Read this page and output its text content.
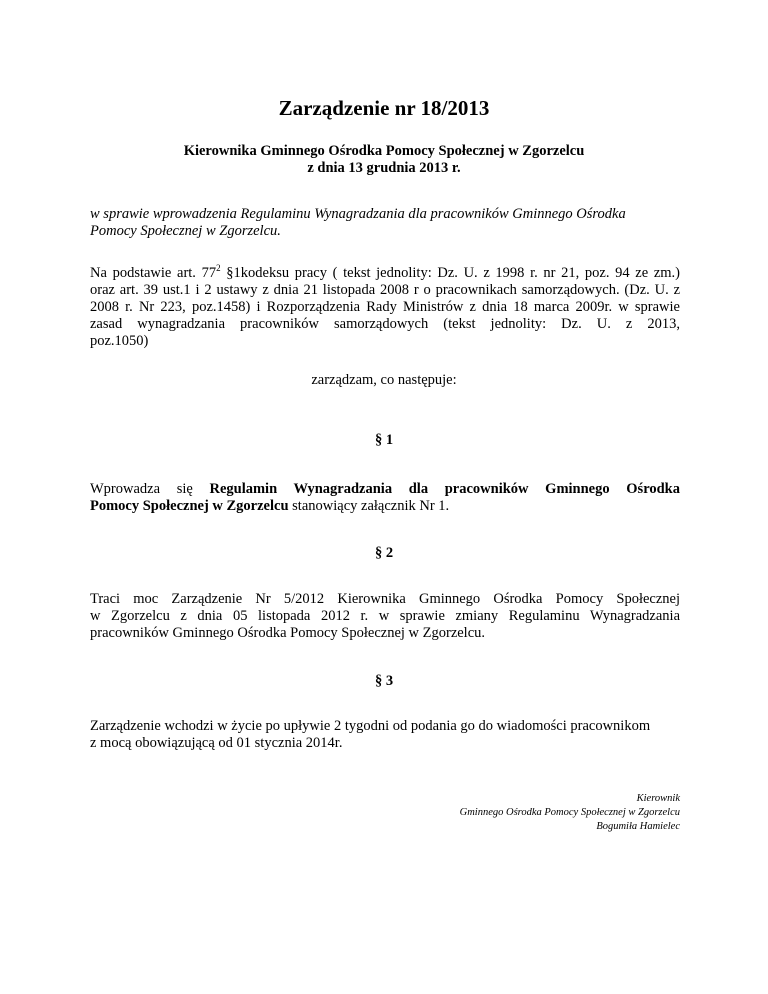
Zarządzenie nr 18/2013
Kierownika Gminnego Ośrodka Pomocy Społecznej w Zgorzelcu
z dnia 13 grudnia 2013 r.
w sprawie wprowadzenia Regulaminu Wynagradzania dla pracowników Gminnego Ośrodka
Pomocy Społecznej w Zgorzelcu.
Na podstawie art. $77^2$ §1kodeksu pracy ( tekst jednolity: Dz. U. z 1998 r. nr 21, poz. 94 ze zm.)
oraz art. 39 ust.1 i 2 ustawy z dnia 21 listopada 2008 r o pracownikach samorządowych. (Dz. U. z
2008 r. Nr 223, poz.1458) i Rozporządzenia Rady Ministrów z dnia 18 marca 2009r. w sprawie
zasad wynagradzania pracowników samorządowych (tekst jednolity: Dz. U. z 2013,
poz.1050)
zarządzam, co następuje:
§ 1
Wprowadza się Regulamin Wynagradzania dla pracowników Gminnego Ośrodka
Pomocy Społecznej w Zgorzelcu stanowiący załącznik Nr 1.
§ 2
Traci moc Zarządzenie Nr 5/2012 Kierownika Gminnego Ośrodka Pomocy Społecznej
w Zgorzelcu z dnia 05 listopada 2012 r. w sprawie zmiany Regulaminu Wynagradzania
pracowników Gminnego Ośrodka Pomocy Społecznej w Zgorzelcu.
§ 3
Zarządzenie wchodzi w życie po upływie 2 tygodni od podania go do wiadomości pracownikom
z mocą obowiązującą od 01 stycznia 2014r.
Kierownik
Gminnego Ośrodka Pomocy Społecznej w Zgorzelcu
Bogumiła Hamielec
